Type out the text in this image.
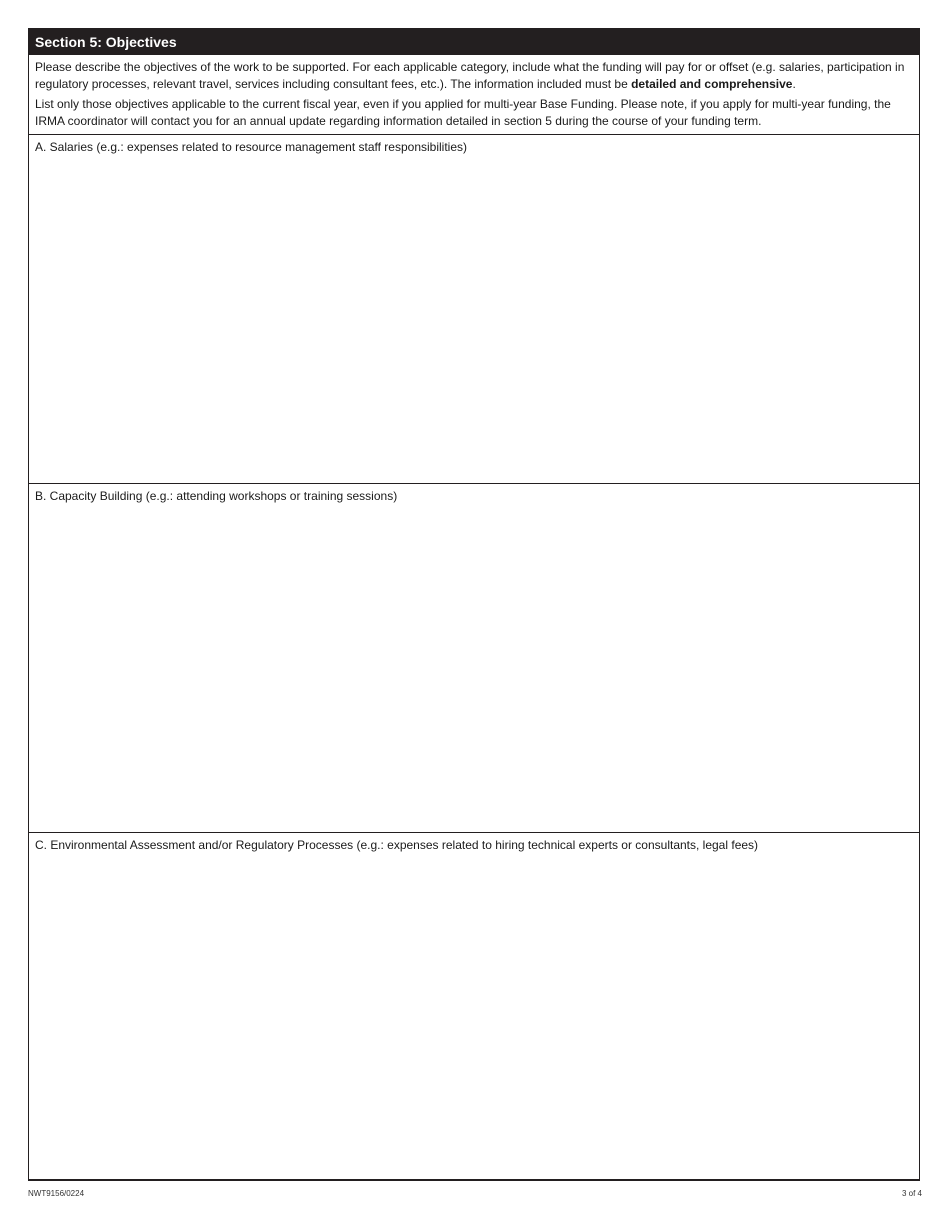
Section 5: Objectives

Please describe the objectives of the work to be supported. For each applicable category, include what the funding will pay for or offset (e.g. salaries, participation in regulatory processes, relevant travel, services including consultant fees, etc.). The information included must be detailed and comprehensive.

List only those objectives applicable to the current fiscal year, even if you applied for multi-year Base Funding. Please note, if you apply for multi-year funding, the IRMA coordinator will contact you for an annual update regarding information detailed in section 5 during the course of your funding term.

A. Salaries (e.g.: expenses related to resource management staff responsibilities)
B. Capacity Building (e.g.: attending workshops or training sessions)
C. Environmental Assessment and/or Regulatory Processes (e.g.: expenses related to hiring technical experts or consultants, legal fees)
NWT9156/0224	3 of 4
